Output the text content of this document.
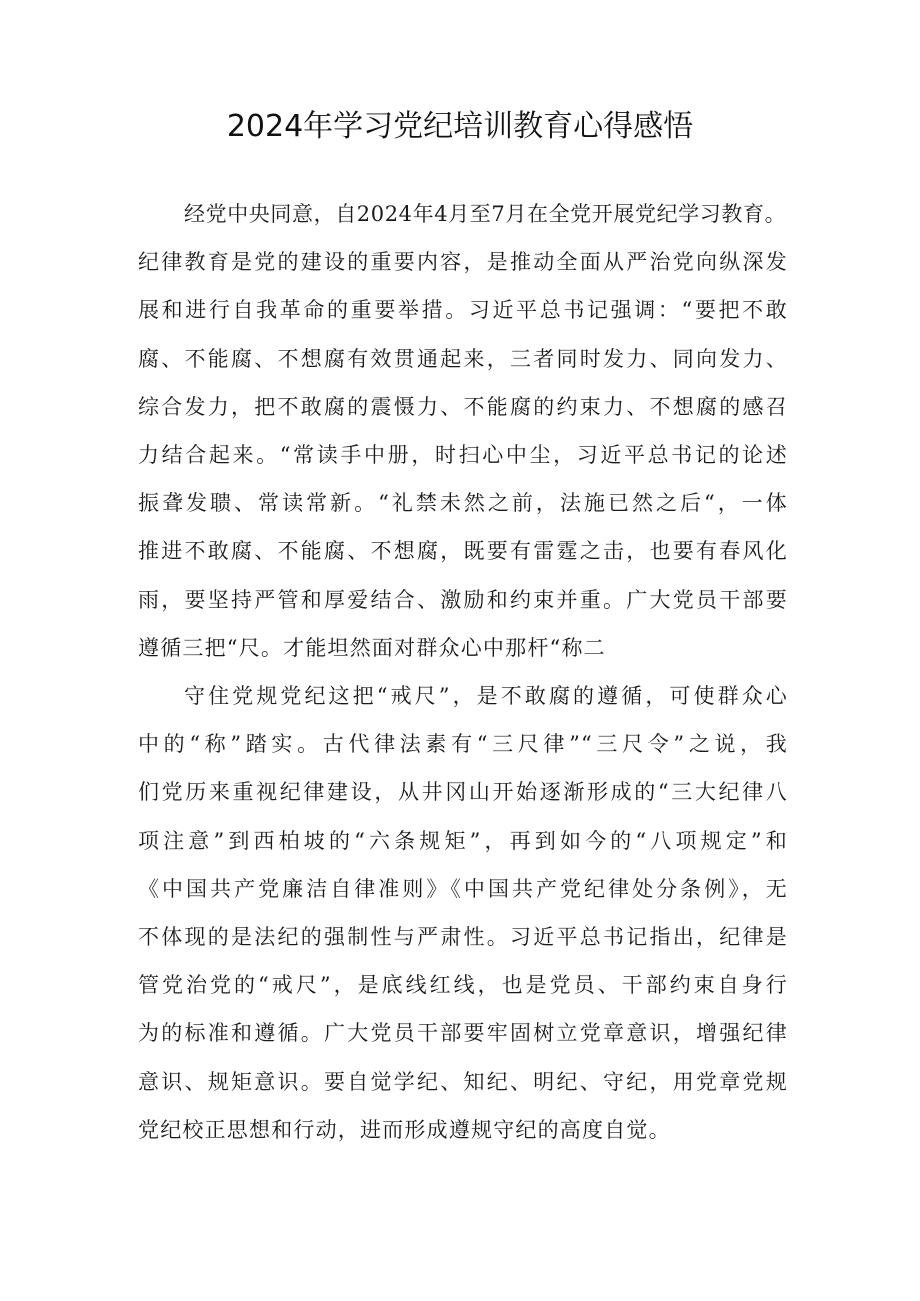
2024年学习党纪培训教育心得感悟
经党中央同意，自2024年4月至7月在全党开展党纪学习教育。
纪律教育是党的建设的重要内容，是推动全面从严治党向纵深发
展和进行自我革命的重要举措。习近平总书记强调：“要把不敢
腐、不能腐、不想腐有效贯通起来，三者同时发力、同向发力、
综合发力，把不敢腐的震慑力、不能腐的约束力、不想腐的感召
力结合起来。“常读手中册，时扫心中尘，习近平总书记的论述
振聋发聩、常读常新。“礼禁未然之前，法施已然之后“，一体
推进不敢腐、不能腐、不想腐，既要有雷霆之击，也要有春风化
雨，要坚持严管和厚爱结合、激励和约束并重。广大党员干部要
遵循三把“尺。才能坦然面对群众心中那杆“称二
守住党规党纪这把“戒尺”，是不敢腐的遵循，可使群众心
中的“称”踏实。古代律法素有“三尺律”“三尺令”之说，我
们党历来重视纪律建设，从井冈山开始逐渐形成的“三大纪律八
项注意”到西柏坡的“六条规矩”，再到如今的“八项规定”和
《中国共产党廉洁自律准则》《中国共产党纪律处分条例》，无
不体现的是法纪的强制性与严肃性。习近平总书记指出，纪律是
管党治党的“戒尺”，是底线红线，也是党员、干部约束自身行
为的标准和遵循。广大党员干部要牢固树立党章意识，增强纪律
意识、规矩意识。要自觉学纪、知纪、明纪、守纪，用党章党规
党纪校正思想和行动，进而形成遵规守纪的高度自觉。
